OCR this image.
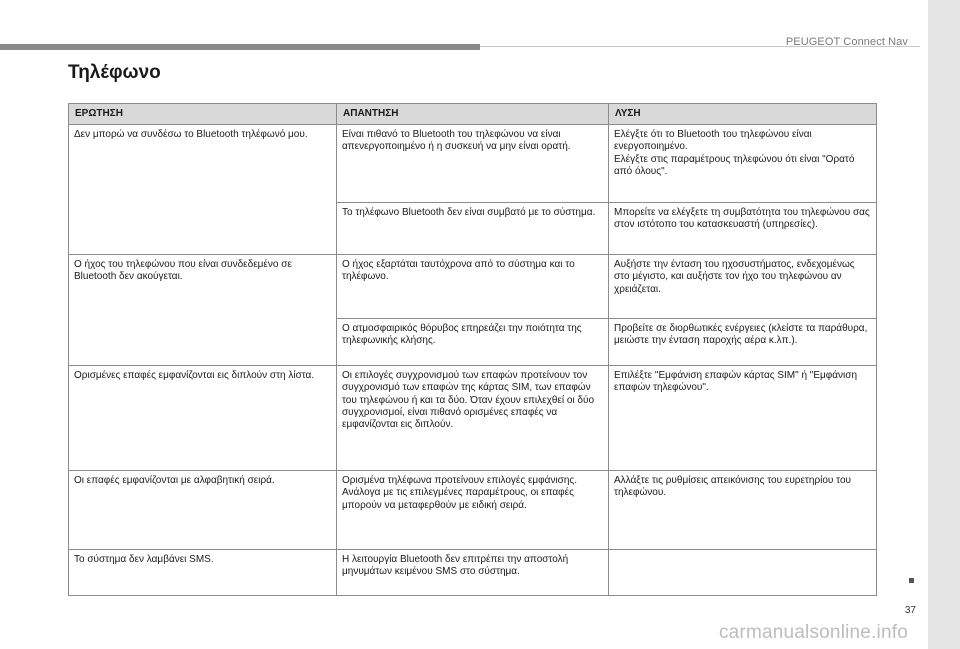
PEUGEOT Connect Nav
Τηλέφωνο
ΕΡΩΤΗΣΗ	ΑΠΑΝΤΗΣΗ	ΛΥΣΗ
Δεν μπορώ να συνδέσω το Bluetooth τηλέφωνό μου.	Είναι πιθανό το Bluetooth του τηλεφώνου να είναι απενεργοποιημένο ή η συσκευή να μην είναι ορατή.	Ελέγξτε ότι το Bluetooth του τηλεφώνου είναι ενεργοποιημένο.
Ελέγξτε στις παραμέτρους τηλεφώνου ότι είναι "Ορατό από όλους".
	Το τηλέφωνο Bluetooth δεν είναι συμβατό με το σύστημα.	Μπορείτε να ελέγξετε τη συμβατότητα του τηλεφώνου σας στον ιστότοπο του κατασκευαστή (υπηρεσίες).
Ο ήχος του τηλεφώνου που είναι συνδεδεμένο σε Bluetooth δεν ακούγεται.	Ο ήχος εξαρτάται ταυτόχρονα από το σύστημα και το τηλέφωνο.	Αυξήστε την ένταση του ηχοσυστήματος, ενδεχομένως στο μέγιστο, και αυξήστε τον ήχο του τηλεφώνου αν χρειάζεται.
	Ο ατμοσφαιρικός θόρυβος επηρεάζει την ποιότητα της τηλεφωνικής κλήσης.	Προβείτε σε διορθωτικές ενέργειες (κλείστε τα παράθυρα, μειώστε την ένταση παροχής αέρα κ.λπ.).
Ορισμένες επαφές εμφανίζονται εις διπλούν στη λίστα.	Οι επιλογές συγχρονισμού των επαφών προτείνουν τον συγχρονισμό των επαφών της κάρτας SIM, των επαφών του τηλεφώνου ή και τα δύο. Όταν έχουν επιλεχθεί οι δύο συγχρονισμοί, είναι πιθανό ορισμένες επαφές να εμφανίζονται εις διπλούν.	Επιλέξτε "Εμφάνιση επαφών κάρτας SIM" ή "Εμφάνιση επαφών τηλεφώνου".
Οι επαφές εμφανίζονται με αλφαβητική σειρά.	Ορισμένα τηλέφωνα προτείνουν επιλογές εμφάνισης. Ανάλογα με τις επιλεγμένες παραμέτρους, οι επαφές μπορούν να μεταφερθούν με ειδική σειρά.	Αλλάξτε τις ρυθμίσεις απεικόνισης του ευρετηρίου του τηλεφώνου.
Το σύστημα δεν λαμβάνει SMS.	Η λειτουργία Bluetooth δεν επιτρέπει την αποστολή μηνυμάτων κειμένου SMS στο σύστημα.	
37
carmanualsonline.info
